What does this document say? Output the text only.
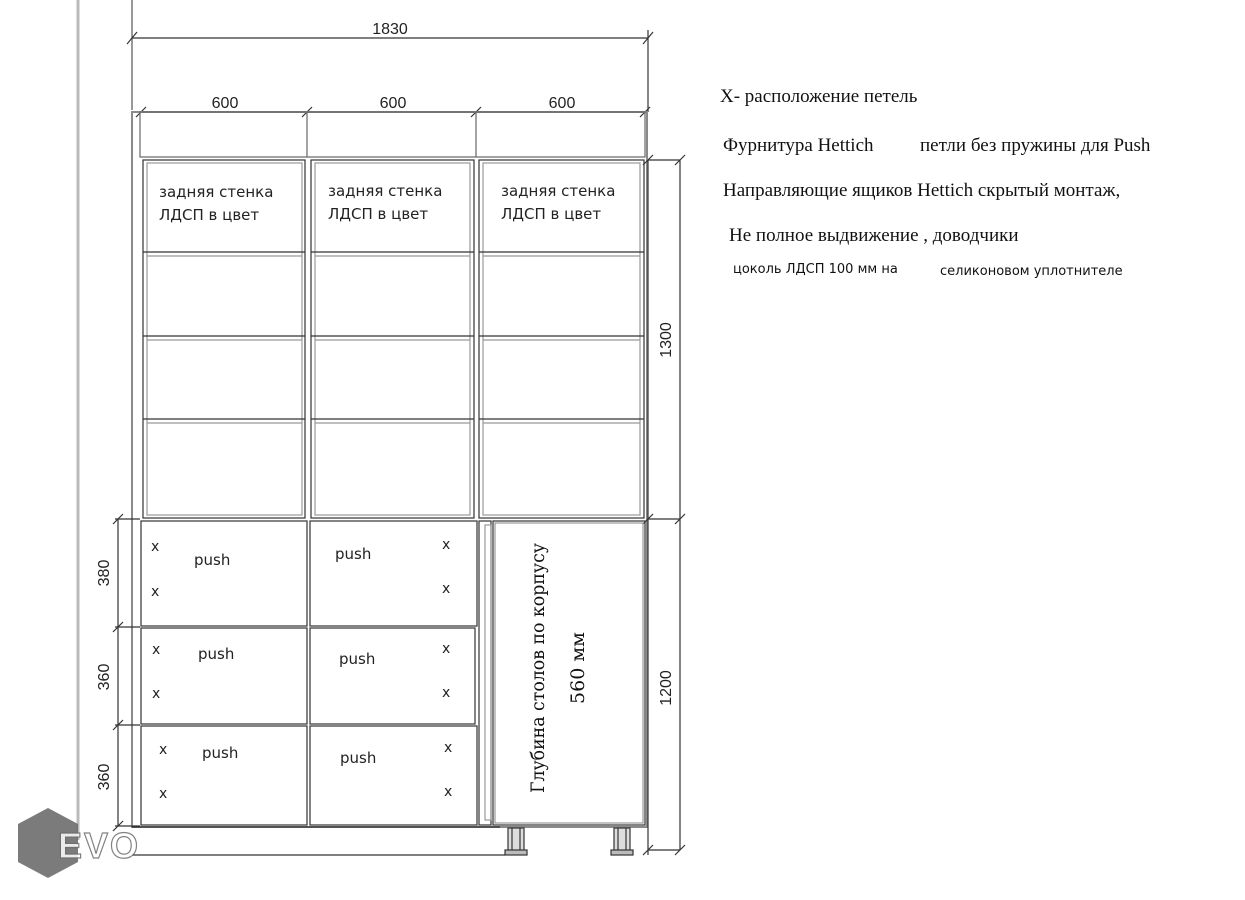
1830
600	600	600
1300
1200
380
360
360
задняя стенка
ЛДСП в цвет
задняя стенка
ЛДСП в цвет
задняя стенка
ЛДСП в цвет
push
push
push
push
push
push
x
x
x
x
x
x
x
x
x
x
x
x	Глубина столов по корпусу 560 мм
Х- расположение петель
Фурнитура Hettich петли без пружины для Push
Направляющие ящиков Hettich скрытый монтаж,
Не полное выдвижение , доводчики
цоколь ЛДСП 100 мм на	селиконовом уплотнителе
EVO
